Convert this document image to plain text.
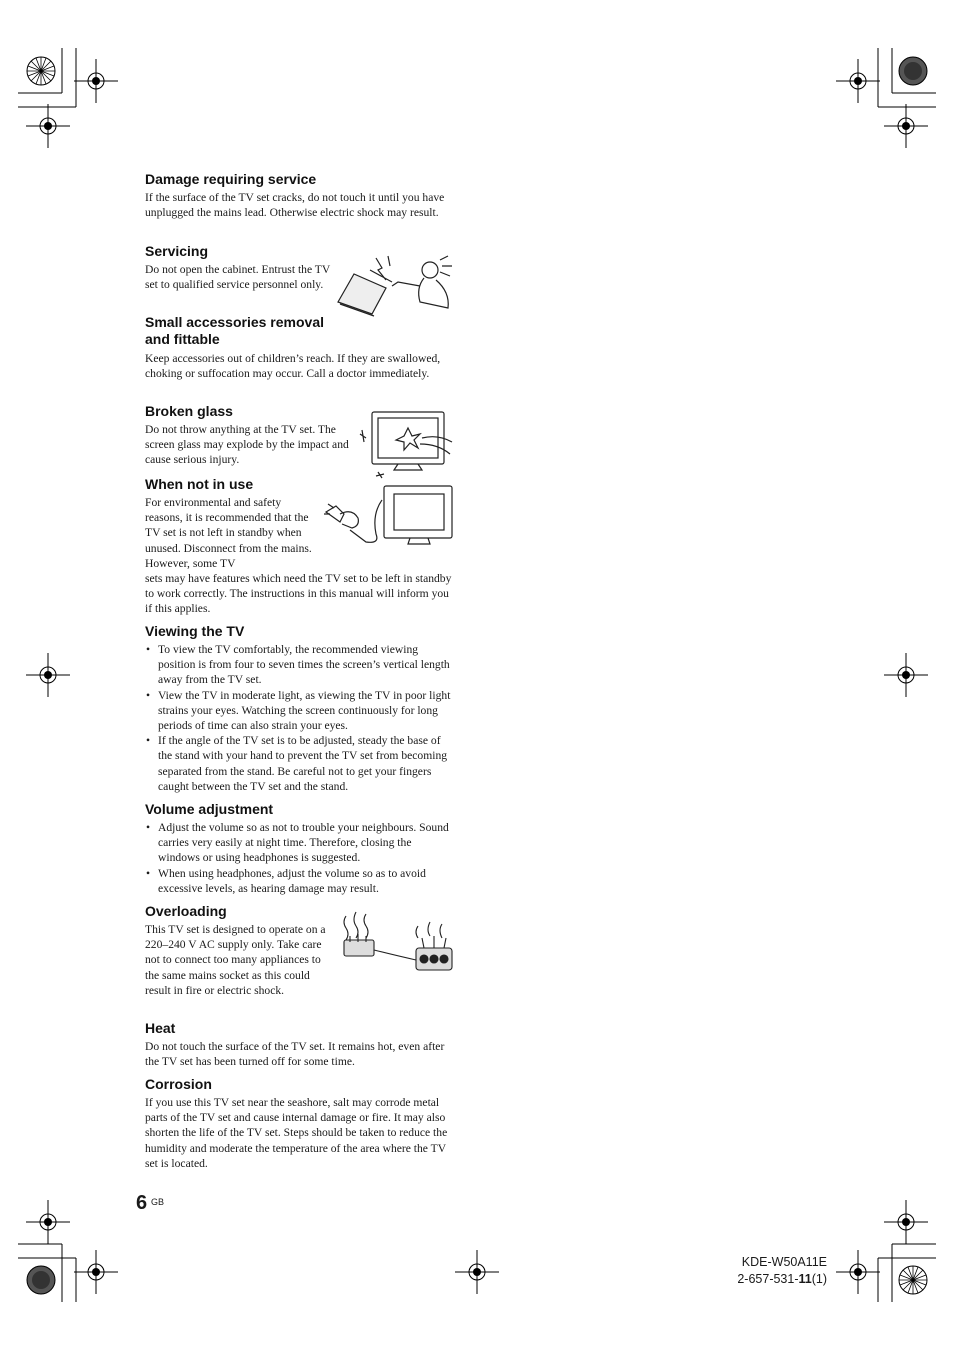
Damage requiring service
If the surface of the TV set cracks, do not touch it until you have unplugged the mains lead. Otherwise electric shock may result.
Servicing
Do not open the cabinet. Entrust the TV set to qualified service personnel only.
Small accessories removal and fittable
Keep accessories out of children’s reach. If they are swallowed, choking or suffocation may occur. Call a doctor immediately.
Broken glass
Do not throw anything at the TV set. The screen glass may explode by the impact and cause serious injury.
When not in use
For environmental and safety reasons, it is recommended that the TV set is not left in standby when unused. Disconnect from the mains. However, some TV
sets may have features which need the TV set to be left in standby to work correctly. The instructions in this manual will inform you if this applies.
Viewing the TV
• To view the TV comfortably, the recommended viewing position is from four to seven times the screen’s vertical length away from the TV set.
• View the TV in moderate light, as viewing the TV in poor light strains your eyes. Watching the screen continuously for long periods of time can also strain your eyes.
• If the angle of the TV set is to be adjusted, steady the base of the stand with your hand to prevent the TV set from becoming separated from the stand. Be careful not to get your fingers caught between the TV set and the stand.
Volume adjustment
• Adjust the volume so as not to trouble your neighbours. Sound carries very easily at night time. Therefore, closing the windows or using headphones is suggested.
• When using headphones, adjust the volume so as to avoid excessive levels, as hearing damage may result.
Overloading
This TV set is designed to operate on a 220–240 V AC supply only. Take care not to connect too many appliances to the same mains socket as this could result in fire or electric shock.
Heat
Do not touch the surface of the TV set. It remains hot, even after the TV set has been turned off for some time.
Corrosion
If you use this TV set near the seashore, salt may corrode metal parts of the TV set and cause internal damage or fire. It may also shorten the life of the TV set. Steps should be taken to reduce the humidity and moderate the temperature of the area where the TV set is located.
6 GB
KDE-W50A11E
2-657-531-11(1)
